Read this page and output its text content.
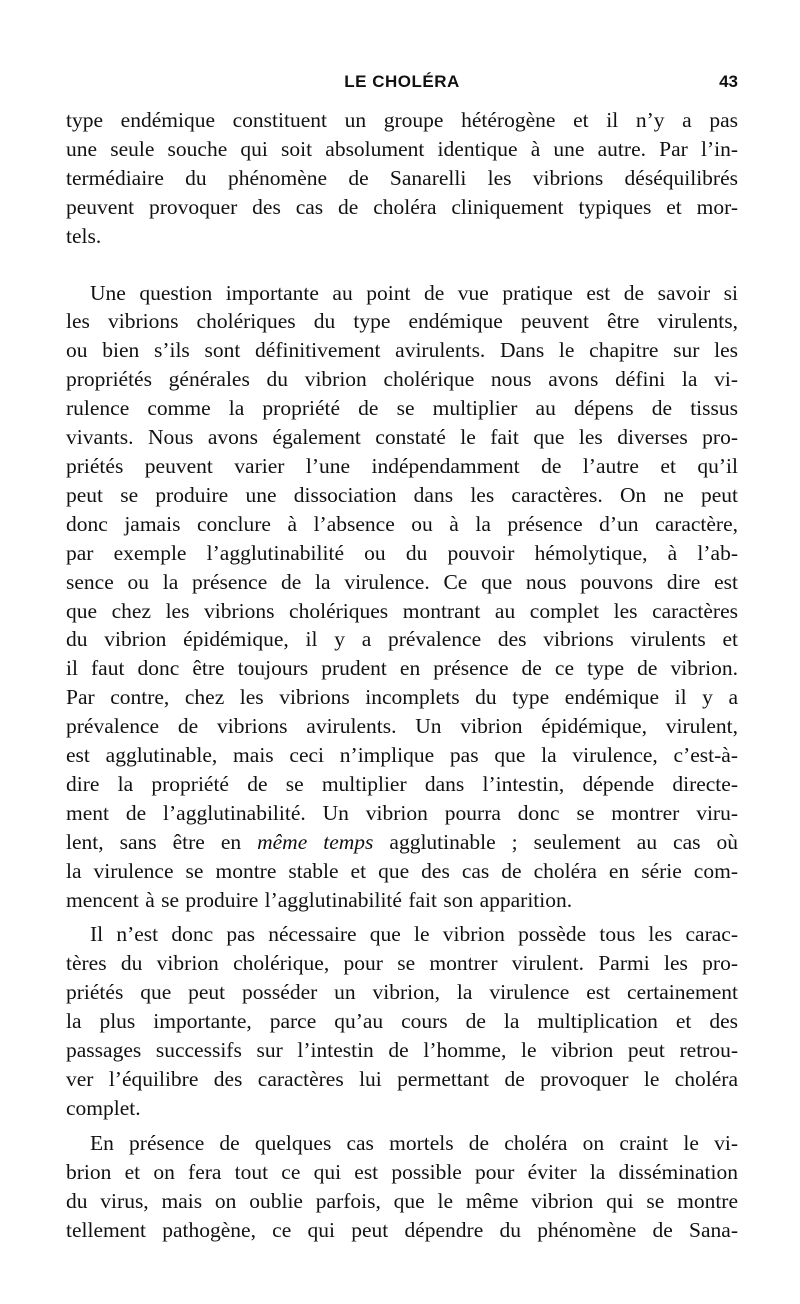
LE CHOLÉRA	43

type endémique constituent un groupe hétérogène et il n’y a pas
une seule souche qui soit absolument identique à une autre. Par l’in-
termédiaire du phénomène de Sanarelli les vibrions déséquilibrés
peuvent provoquer des cas de choléra cliniquement typiques et mor-
tels.

Une question importante au point de vue pratique est de savoir si
les vibrions cholériques du type endémique peuvent être virulents,
ou bien s’ils sont définitivement avirulents. Dans le chapitre sur les
propriétés générales du vibrion cholérique nous avons défini la vi-
rulence comme la propriété de se multiplier au dépens de tissus
vivants. Nous avons également constaté le fait que les diverses pro-
priétés peuvent varier l’une indépendamment de l’autre et qu’il
peut se produire une dissociation dans les caractères. On ne peut
donc jamais conclure à l’absence ou à la présence d’un caractère,
par exemple l’agglutinabilité ou du pouvoir hémolytique, à l’ab-
sence ou la présence de la virulence. Ce que nous pouvons dire est
que chez les vibrions cholériques montrant au complet les caractères
du vibrion épidémique, il y a prévalence des vibrions virulents et
il faut donc être toujours prudent en présence de ce type de vibrion.
Par contre, chez les vibrions incomplets du type endémique il y a
prévalence de vibrions avirulents. Un vibrion épidémique, virulent,
est agglutinable, mais ceci n’implique pas que la virulence, c’est-à-
dire la propriété de se multiplier dans l’intestin, dépende directe-
ment de l’agglutinabilité. Un vibrion pourra donc se montrer viru-
lent, sans être en même temps agglutinable ; seulement au cas où
la virulence se montre stable et que des cas de choléra en série com-
mencent à se produire l’agglutinabilité fait son apparition.

Il n’est donc pas nécessaire que le vibrion possède tous les carac-
tères du vibrion cholérique, pour se montrer virulent. Parmi les pro-
priétés que peut posséder un vibrion, la virulence est certainement
la plus importante, parce qu’au cours de la multiplication et des
passages successifs sur l’intestin de l’homme, le vibrion peut retrou-
ver l’équilibre des caractères lui permettant de provoquer le choléra
complet.

En présence de quelques cas mortels de choléra on craint le vi-
brion et on fera tout ce qui est possible pour éviter la dissémination
du virus, mais on oublie parfois, que le même vibrion qui se montre
tellement pathogène, ce qui peut dépendre du phénomène de Sana-
